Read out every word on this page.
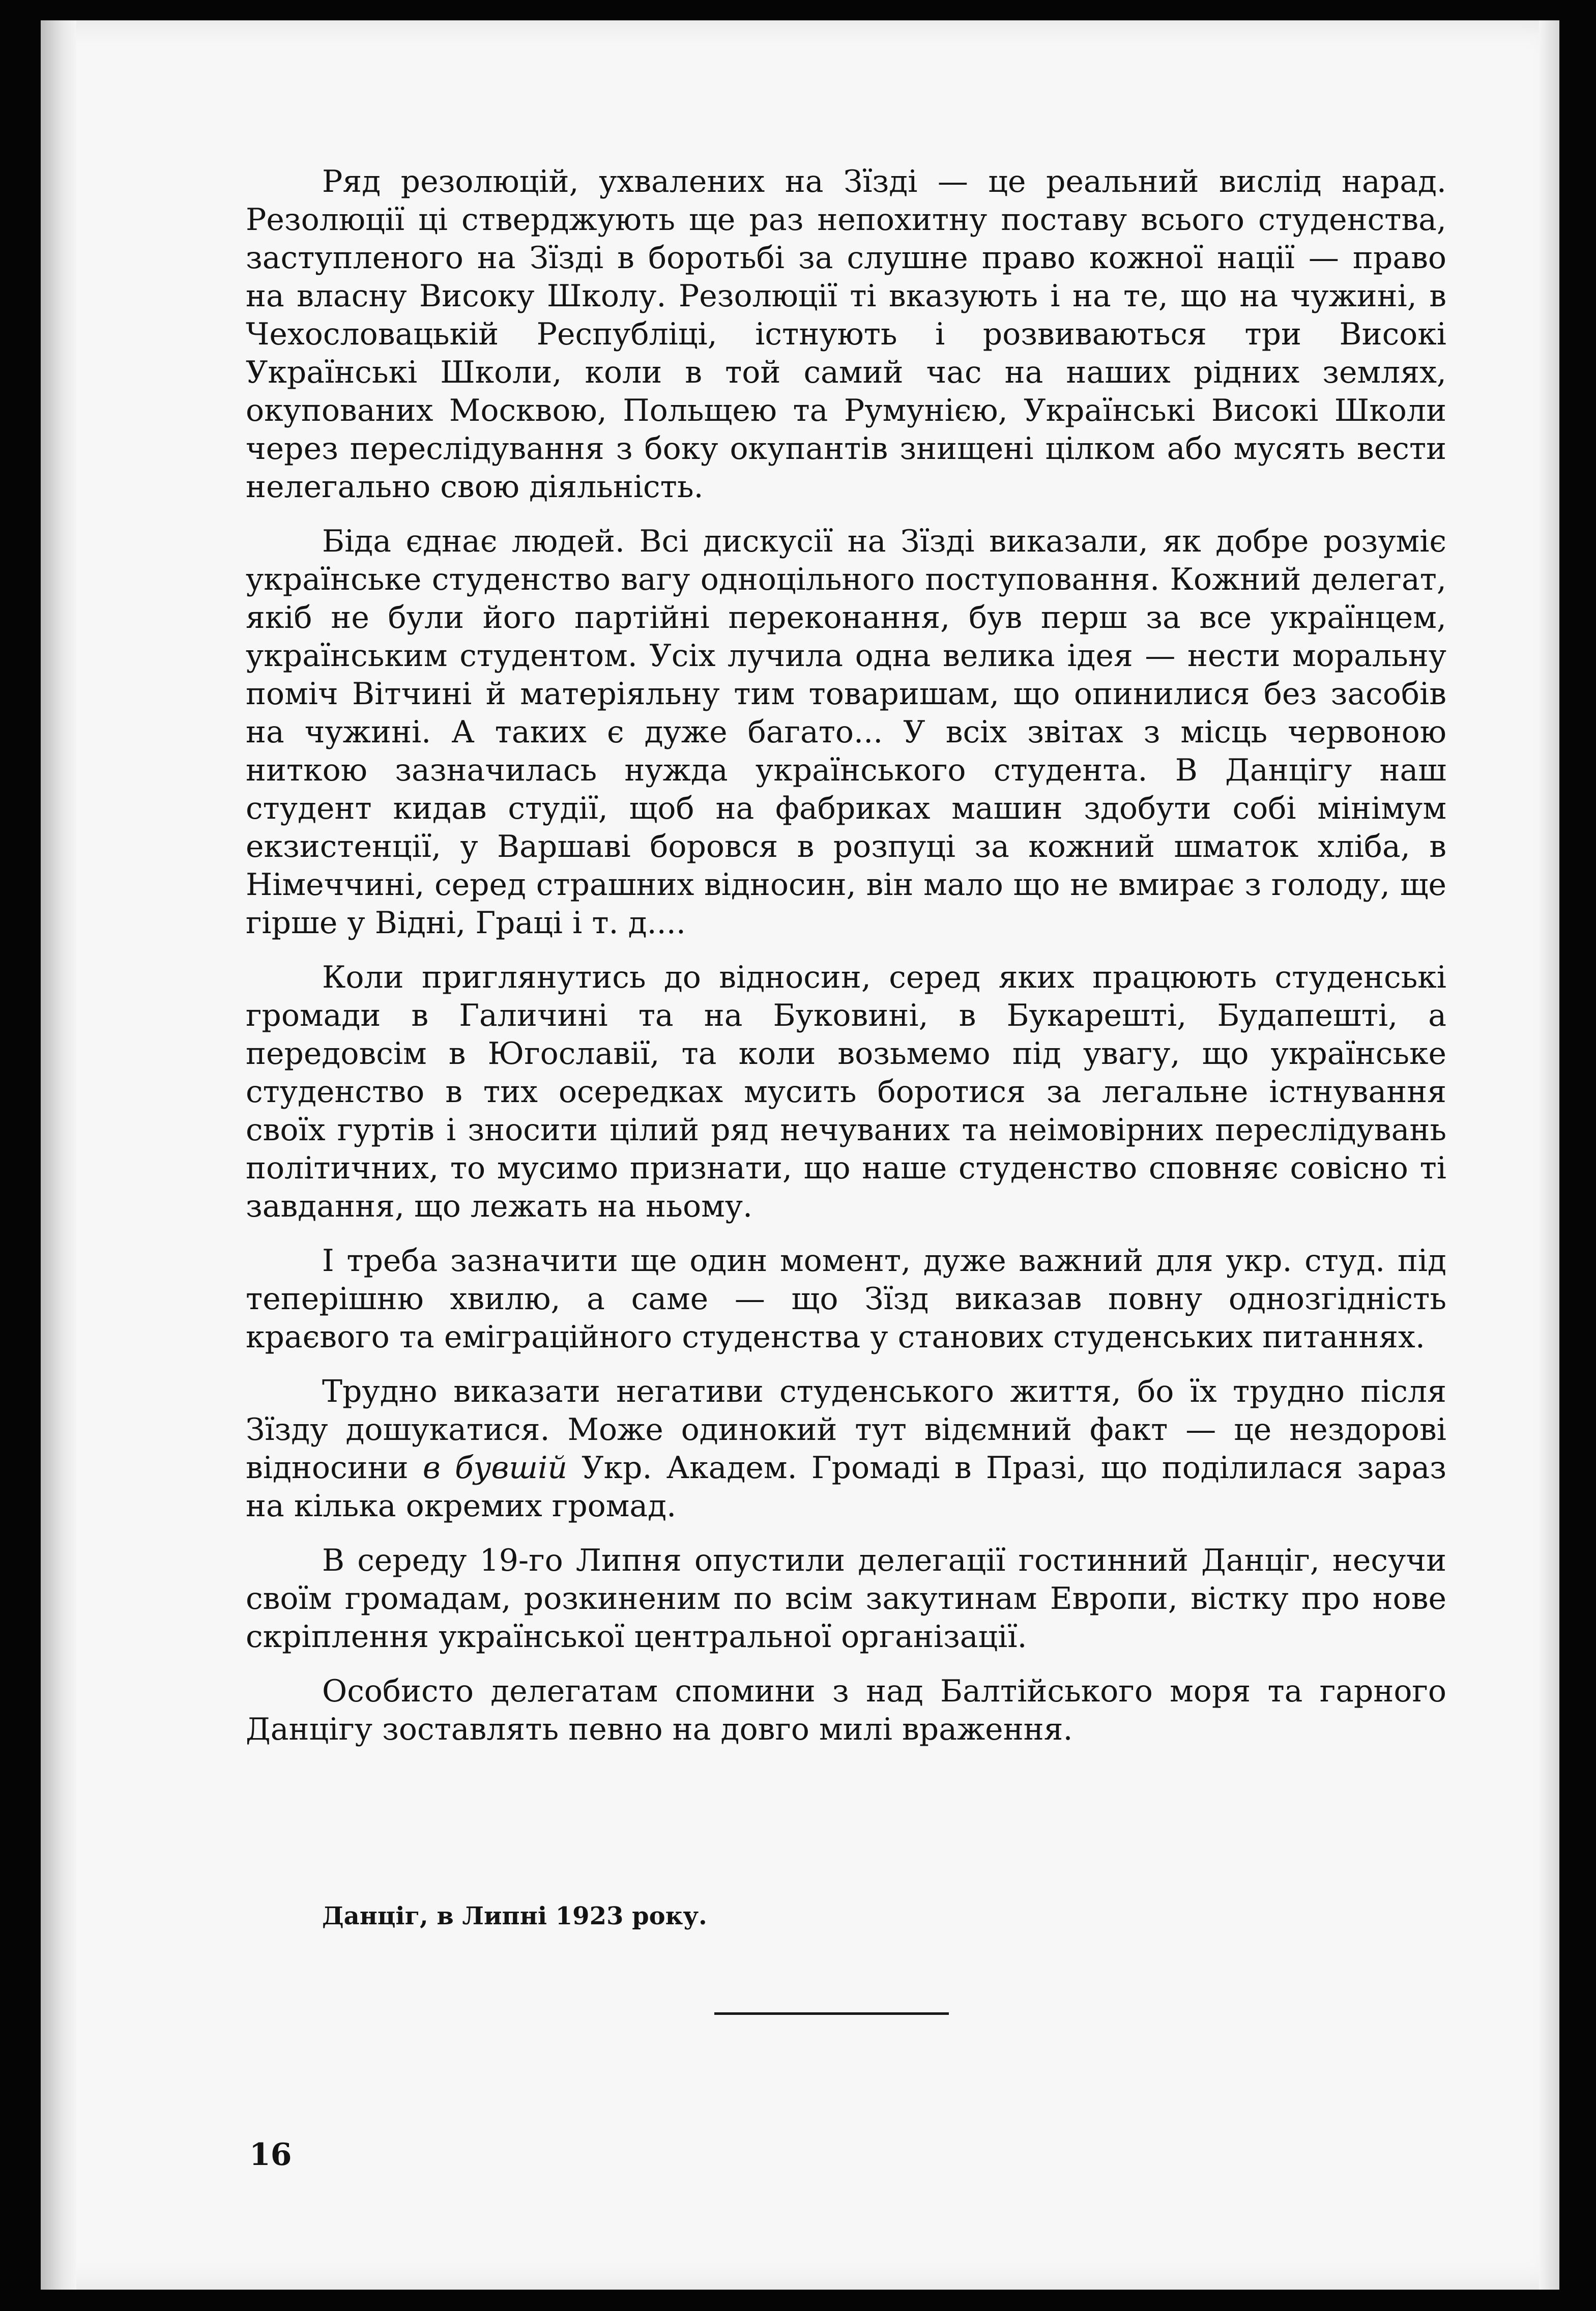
Ряд резолюцій, ухвалених на Зїзді — це реальний вислід нарад. Резолюції ці стверджують ще раз непохитну поставу всього студенства, заступленого на Зїзді в боротьбі за слушне право кожної нації — право на власну Високу Школу. Резолюції ті вказують і на те, що на чужині, в Чехословацькій Республіці, істнують і розвиваються три Високі Українські Школи, коли в той самий час на наших рідних землях, окупованих Москвою, Польщею та Румунією, Українські Високі Школи через переслідування з боку окупантів знищені цілком або мусять вести нелегально свою діяльність.

Біда єднає людей. Всі дискусії на Зїзді виказали, як добре розуміє українське студенство вагу одноцільного поступовання. Кожний делегат, якіб не були його партійні переконання, був перш за все українцем, українським студентом. Усіх лучила одна велика ідея — нести моральну поміч Вітчині й матеріяльну тим товаришам, що опинилися без засобів на чужині. А таких є дуже багато... У всіх звітах з місць червоною ниткою зазначилась нужда українського студента. В Данцігу наш студент кидав студії, щоб на фабриках машин здобути собі мінімум екзистенції, у Варшаві боровся в розпуці за кожний шматок хліба, в Німеччині, серед страшних відносин, він мало що не вмирає з голоду, ще гірше у Відні, Граці і т. д....

Коли приглянутись до відносин, серед яких працюють студенські громади в Галичині та на Буковині, в Букарешті, Будапешті, а передовсім в Югославії, та коли возьмемо під увагу, що українське студенство в тих осередках мусить боротися за легальне істнування своїх гуртів і зносити цілий ряд нечуваних та неімовірних переслідувань політичних, то мусимо признати, що наше студенство сповняє совісно ті завдання, що лежать на ньому.

І треба зазначити ще один момент, дуже важний для укр. студ. під теперішню хвилю, а саме — що Зїзд виказав повну однозгідність краєвого та еміграційного студенства у станових студенських питаннях.

Трудно виказати негативи студенського життя, бо їх трудно після Зїзду дошукатися. Може одинокий тут відємний факт — це нездорові відносини в бувшій Укр. Академ. Громаді в Празі, що поділилася зараз на кілька окремих громад.

В середу 19-го Липня опустили делегації гостинний Данціг, несучи своїм громадам, розкиненим по всім закутинам Европи, вістку про нове скріплення української центральної організації.

Особисто делегатам спомини з над Балтійського моря та гарного Данцігу зоставлять певно на довго милі враження.

Данціг, в Липні 1923 року.
16
